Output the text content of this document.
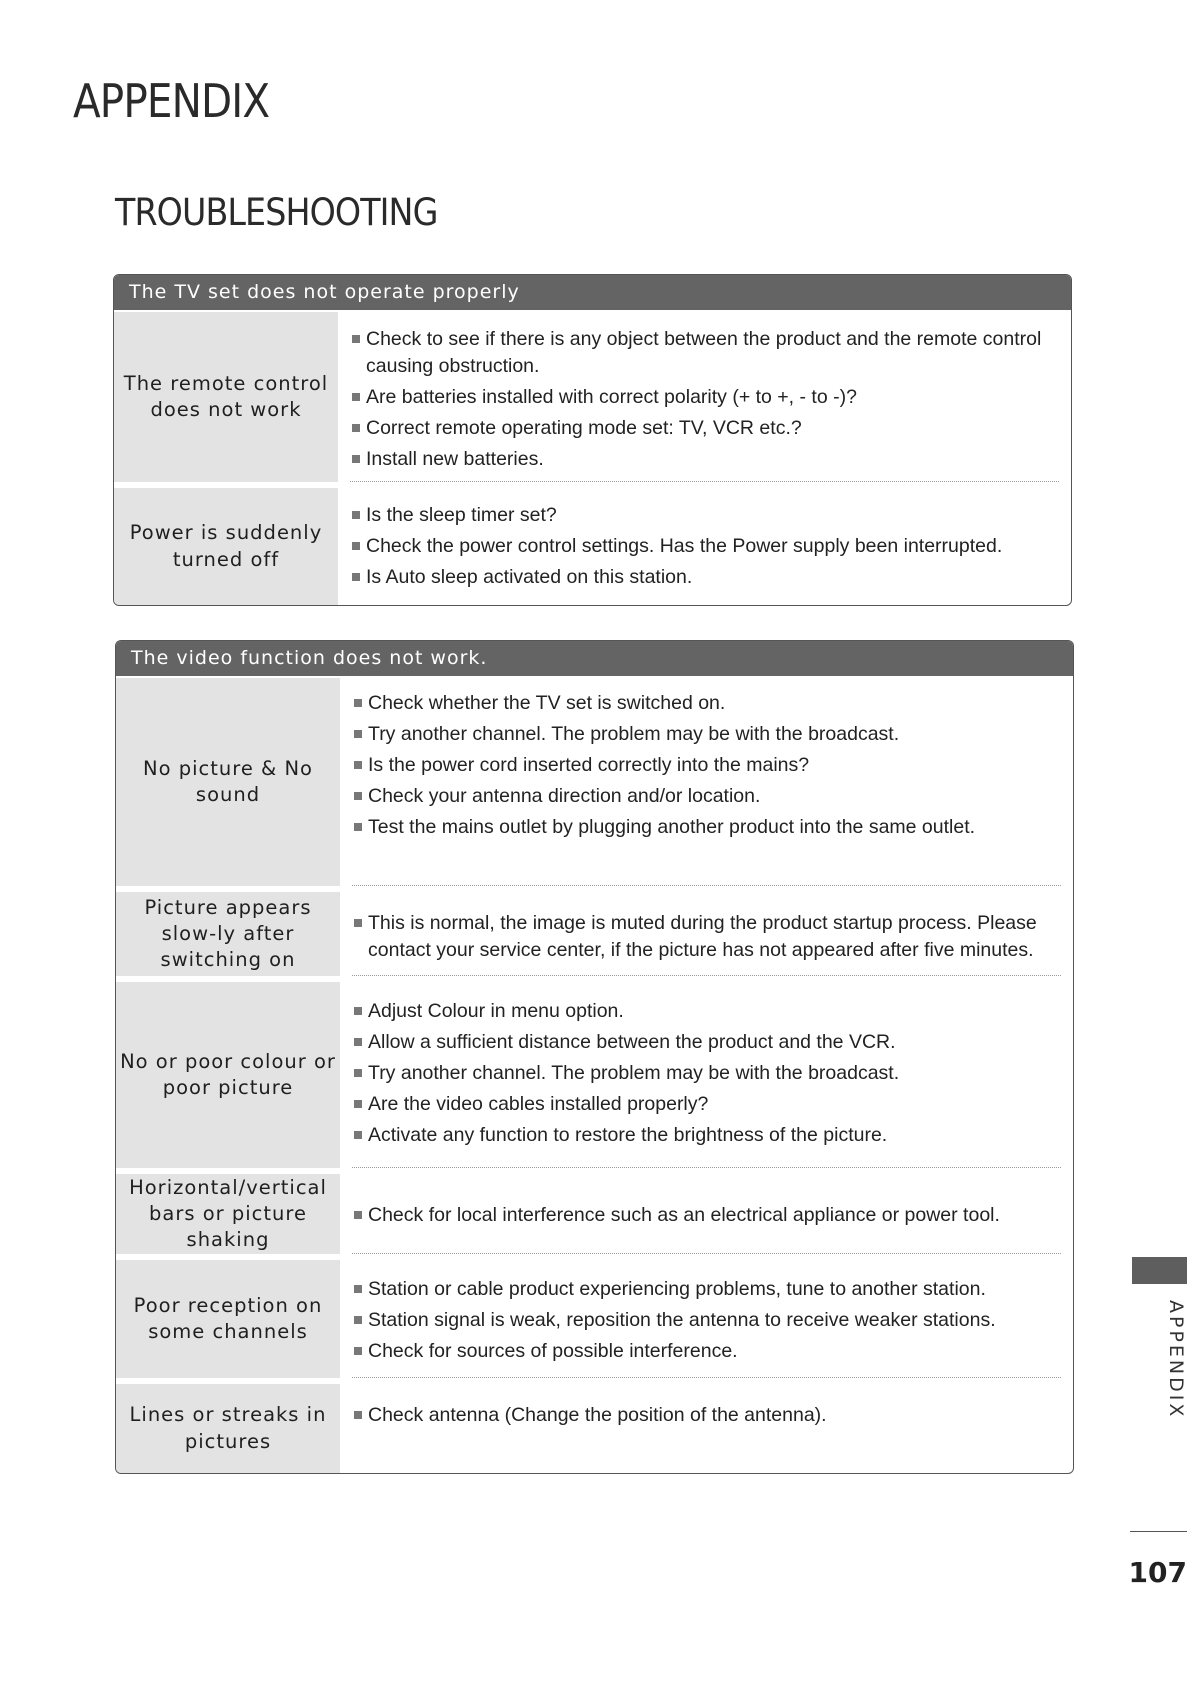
APPENDIX
TROUBLESHOOTING
The TV set does not operate properly
The remote control does not work
Check to see if there is any object between the product and the remote control causing obstruction.
Are batteries installed with correct polarity (+ to +, - to -)?
Correct remote operating mode set: TV, VCR etc.?
Install new batteries.
Power is suddenly turned off
Is the sleep timer set?
Check the power control settings. Has the Power supply been interrupted.
Is Auto sleep activated on this station.
The video function does not work.
No picture & No sound
Check whether the TV set is switched on.
Try another channel. The problem may be with the broadcast.
Is the power cord inserted correctly into the mains?
Check your antenna direction and/or location.
Test the mains outlet by plugging another product into the same outlet.
Picture appears slow-ly after switching on
This is normal, the image is muted during the product startup process. Please contact your service center, if the picture has not appeared after five minutes.
No or poor colour or poor picture
Adjust Colour in menu option.
Allow a sufficient distance between the product and the VCR.
Try another channel. The problem may be with the broadcast.
Are the video cables installed properly?
Activate any function to restore the brightness of the picture.
Horizontal/vertical bars or picture shaking
Check for local interference such as an electrical appliance or power tool.
Poor reception on some channels
Station or cable product experiencing problems, tune to another station.
Station signal is weak, reposition the antenna to receive weaker stations.
Check for sources of possible interference.
Lines or streaks in pictures
Check antenna (Change the position of the antenna).	APPENDIX
107
